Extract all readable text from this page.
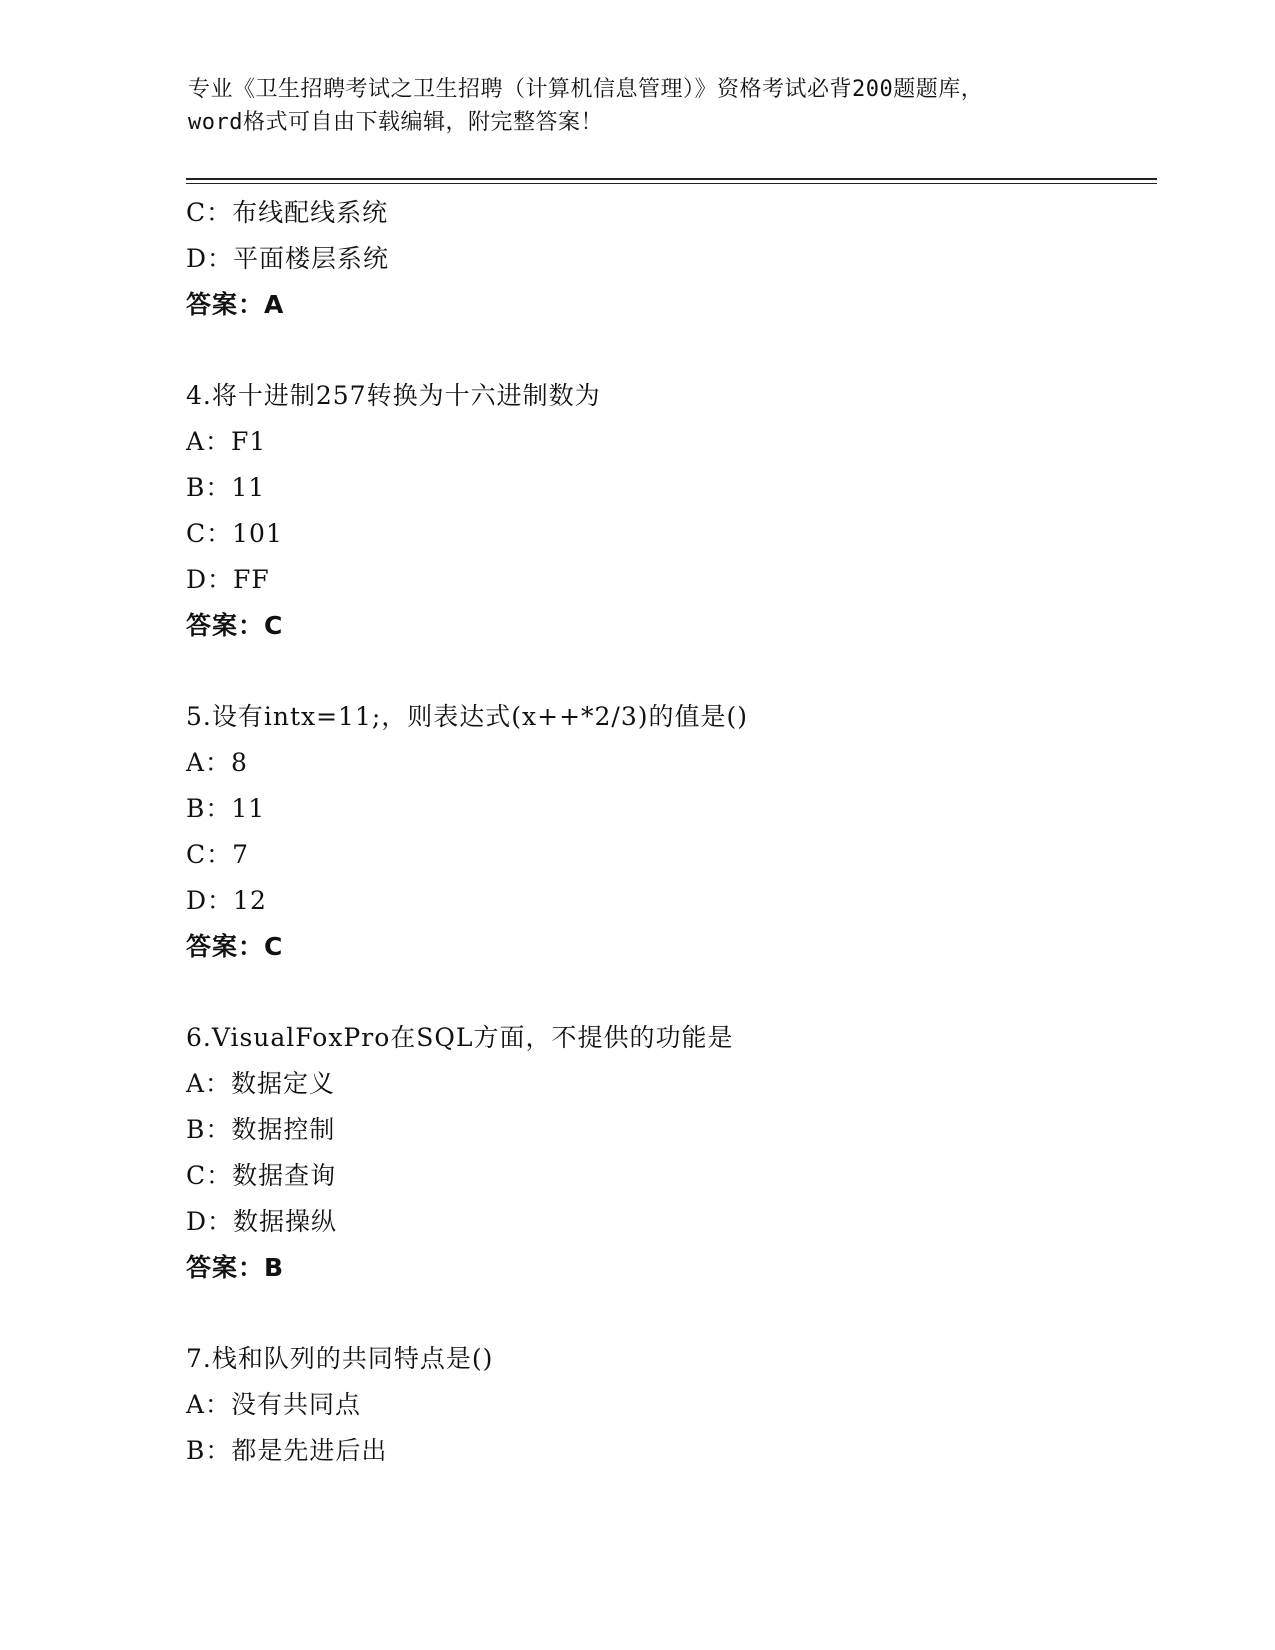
专业《卫生招聘考试之卫生招聘（计算机信息管理）》资格考试必背200题题库，
word格式可自由下载编辑，附完整答案！
C：布线配线系统
D：平面楼层系统
答案：A
4.将十进制257转换为十六进制数为
A：F1
B：11
C：101
D：FF
答案：C
5.设有intx=11;，则表达式(x++*2/3)的值是()
A：8
B：11
C：7
D：12
答案：C
6.VisualFoxPro在SQL方面，不提供的功能是
A：数据定义
B：数据控制
C：数据查询
D：数据操纵
答案：B
7.栈和队列的共同特点是()
A：没有共同点
B：都是先进后出
